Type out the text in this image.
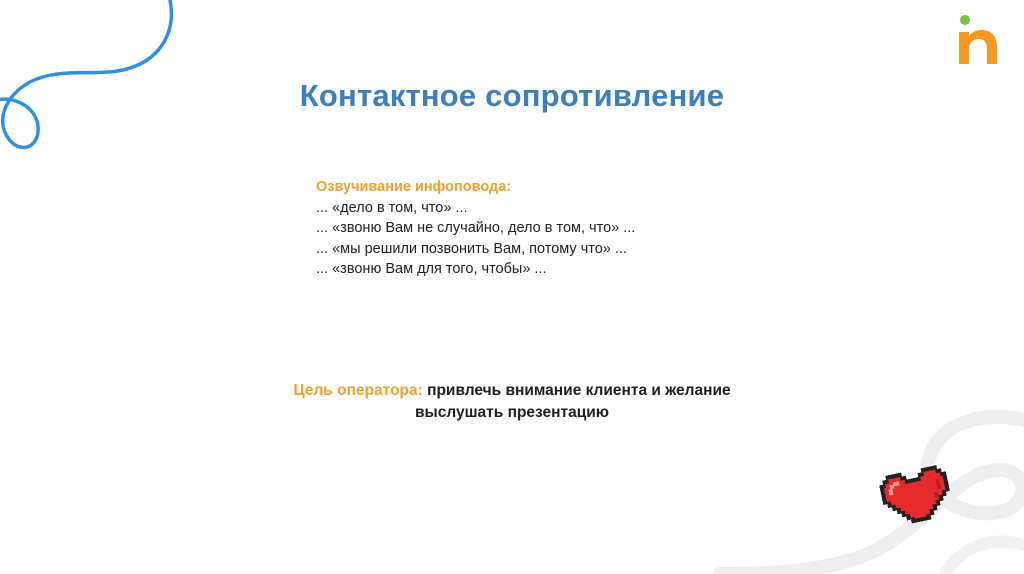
Контактное сопротивление
Озвучивание инфоповода:
... «дело в том, что» ...
... «звоню Вам не случайно, дело в том, что» ...
... «мы решили позвонить Вам, потому что» ...
... «звоню Вам для того, чтобы» ...
Цель оператора: привлечь внимание клиента и желание
выслушать презентацию
